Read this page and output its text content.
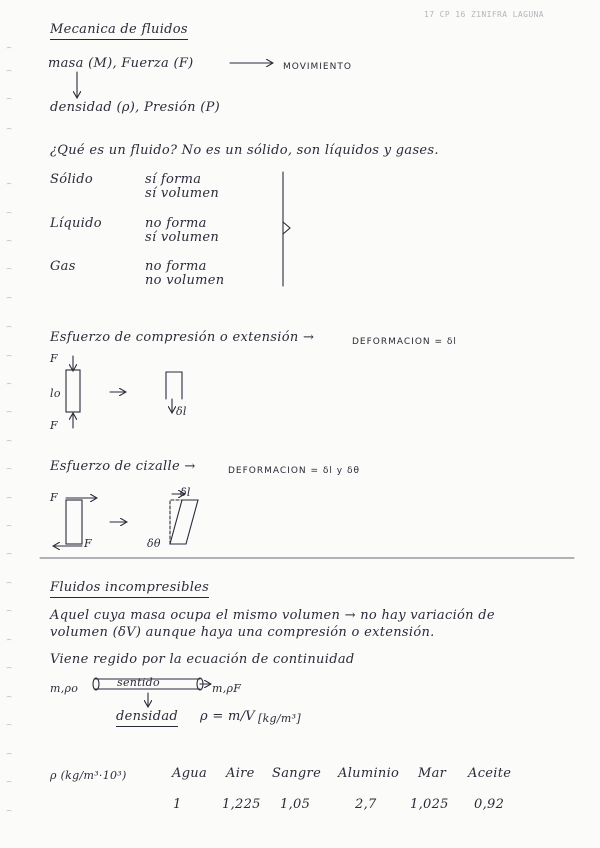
17 CP 16 Z1NIFRA LAGUNA
Mecanica de fluidos
masa (M), Fuerza (F)	MOVIMIENTO
densidad (ρ), Presión (P)
¿Qué es un fluido? No es un sólido, son líquidos y gases.
Sólido	sí forma
sí volumen
Líquido	no forma
sí volumen
Gas	no forma
no volumen
Esfuerzo de compresión o extensión →	DEFORMACION = δl
F
F
lo
δl
Esfuerzo de cizalle →	DEFORMACION = δl y δθ
F
F
δl
δθ
Fluidos incompresibles
Aquel cuya masa ocupa el mismo volumen → no hay variación de
volumen (δV) aunque haya una compresión o extensión.
Viene regido por la ecuación de continuidad
m,ρo	sentido	m,ρF
densidad ρ = m/V [kg/m³]
ρ (kg/m³·10³)	Agua Aire Sangre Aluminio Mar Aceite
1	1,225 1,05	2,7	1,025 0,92
